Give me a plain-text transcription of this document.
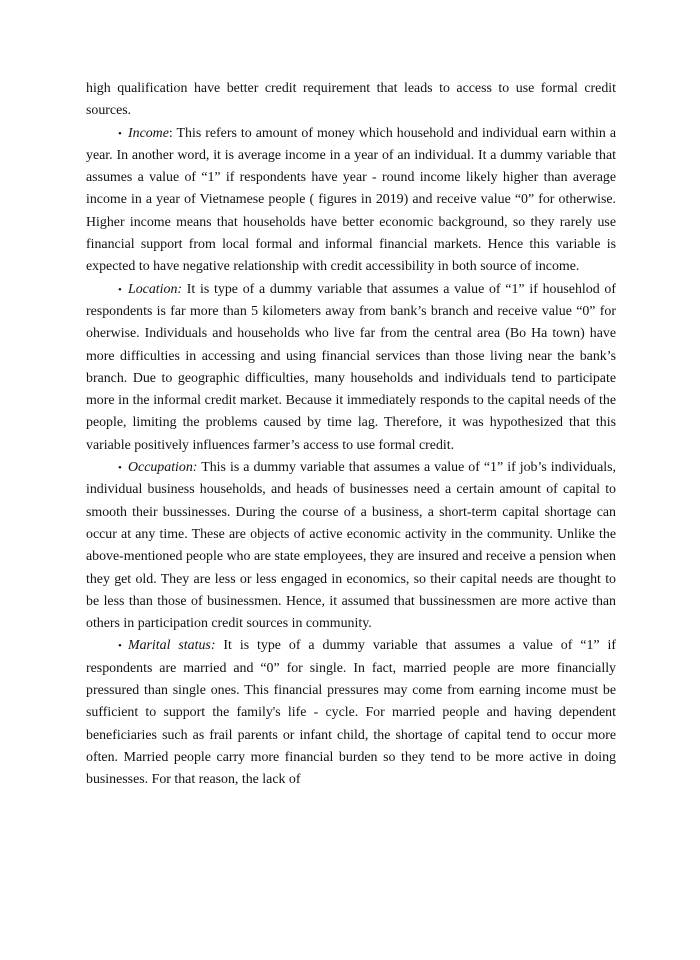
high qualification have better credit requirement that leads to access to use formal credit sources.

• Income: This refers to amount of money which household and individual earn within a year. In another word, it is average income in a year of an individual. It a dummy variable that assumes a value of “1” if respondents have year - round income likely higher than average income in a year of Vietnamese people ( figures in 2019) and receive value “0” for otherwise. Higher income means that households have better economic background, so they rarely use financial support from local formal and informal financial markets. Hence this variable is expected to have negative relationship with credit accessibility in both source of income.

• Location: It is type of a dummy variable that assumes a value of “1” if househlod of respondents is far more than 5 kilometers away from bank’s branch and receive value “0” for oherwise. Individuals and households who live far from the central area (Bo Ha town) have more difficulties in accessing and using financial services than those living near the bank’s branch. Due to geographic difficulties, many households and individuals tend to participate more in the informal credit market. Because it immediately responds to the capital needs of the people, limiting the problems caused by time lag. Therefore, it was hypothesized that this variable positively influences farmer’s access to use formal credit.

• Occupation: This is a dummy variable that assumes a value of “1” if job’s individuals, individual business households, and heads of businesses need a certain amount of capital to smooth their bussinesses. During the course of a business, a short-term capital shortage can occur at any time. These are objects of active economic activity in the community. Unlike the above-mentioned people who are state employees, they are insured and receive a pension when they get old. They are less or less engaged in economics, so their capital needs are thought to be less than those of businessmen. Hence, it assumed that bussinessmen are more active than others in participation credit sources in community.

• Marital status: It is type of a dummy variable that assumes a value of “1” if respondents are married and “0” for single. In fact, married people are more financially pressured than single ones. This financial pressures may come from earning income must be sufficient to support the family's life - cycle. For married people and having dependent beneficiaries such as frail parents or infant child, the shortage of capital tend to occur more often. Married people carry more financial burden so they tend to be more active in doing businesses. For that reason, the lack of
